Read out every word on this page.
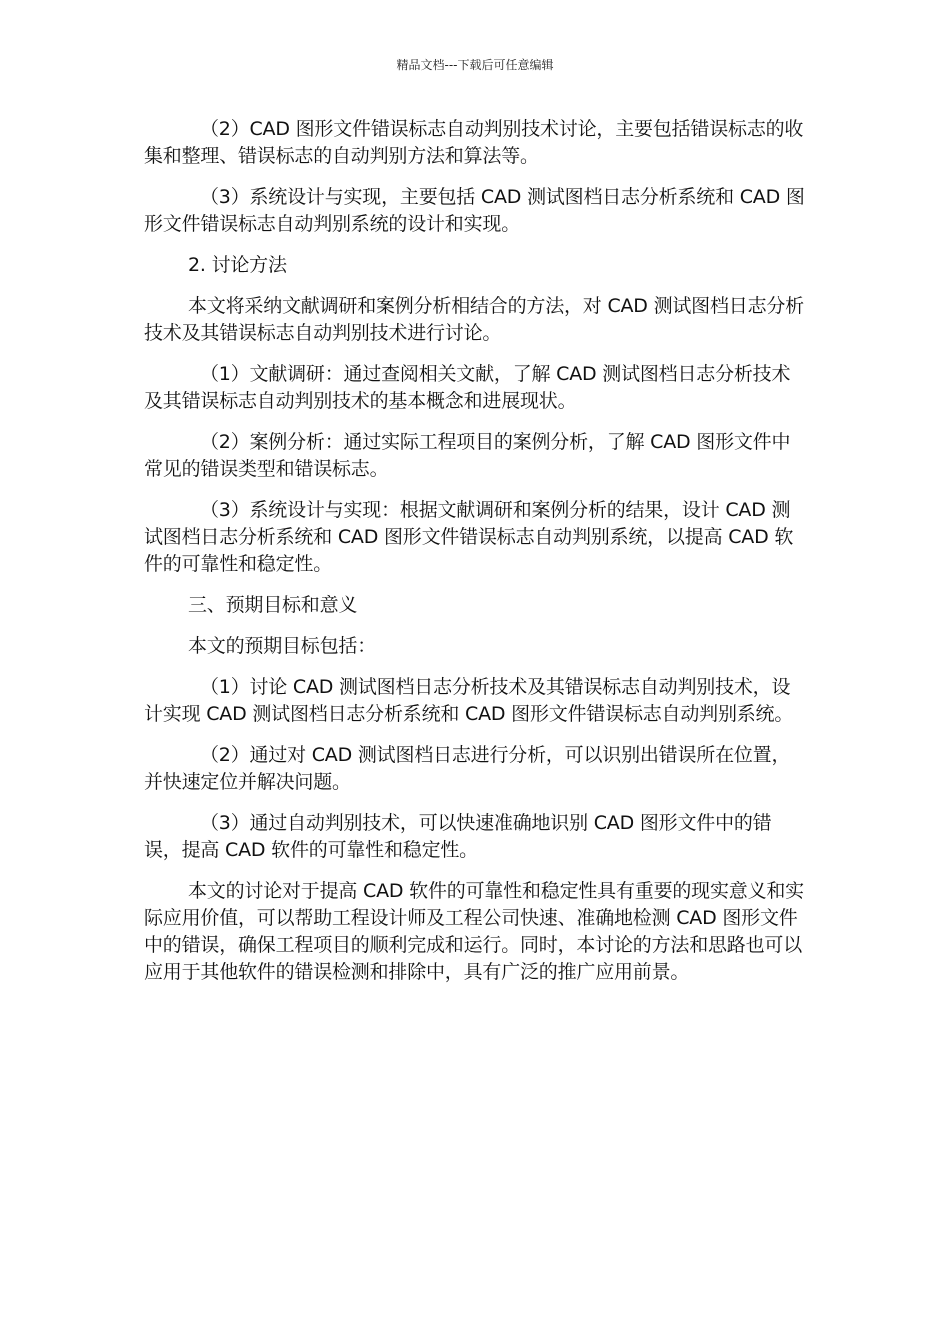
精品文档---下载后可任意编辑

（2）CAD 图形文件错误标志自动判别技术讨论，主要包括错误标志的收集和整理、错误标志的自动判别方法和算法等。

（3）系统设计与实现，主要包括 CAD 测试图档日志分析系统和 CAD 图形文件错误标志自动判别系统的设计和实现。

2. 讨论方法

本文将采纳文献调研和案例分析相结合的方法，对 CAD 测试图档日志分析技术及其错误标志自动判别技术进行讨论。

（1）文献调研：通过查阅相关文献，了解 CAD 测试图档日志分析技术及其错误标志自动判别技术的基本概念和进展现状。

（2）案例分析：通过实际工程项目的案例分析，了解 CAD 图形文件中常见的错误类型和错误标志。

（3）系统设计与实现：根据文献调研和案例分析的结果，设计 CAD 测试图档日志分析系统和 CAD 图形文件错误标志自动判别系统，以提高 CAD 软件的可靠性和稳定性。

三、预期目标和意义

本文的预期目标包括：

（1）讨论 CAD 测试图档日志分析技术及其错误标志自动判别技术，设计实现 CAD 测试图档日志分析系统和 CAD 图形文件错误标志自动判别系统。

（2）通过对 CAD 测试图档日志进行分析，可以识别出错误所在位置，并快速定位并解决问题。

（3）通过自动判别技术，可以快速准确地识别 CAD 图形文件中的错误，提高 CAD 软件的可靠性和稳定性。

本文的讨论对于提高 CAD 软件的可靠性和稳定性具有重要的现实意义和实际应用价值，可以帮助工程设计师及工程公司快速、准确地检测 CAD 图形文件中的错误，确保工程项目的顺利完成和运行。同时，本讨论的方法和思路也可以应用于其他软件的错误检测和排除中，具有广泛的推广应用前景。
